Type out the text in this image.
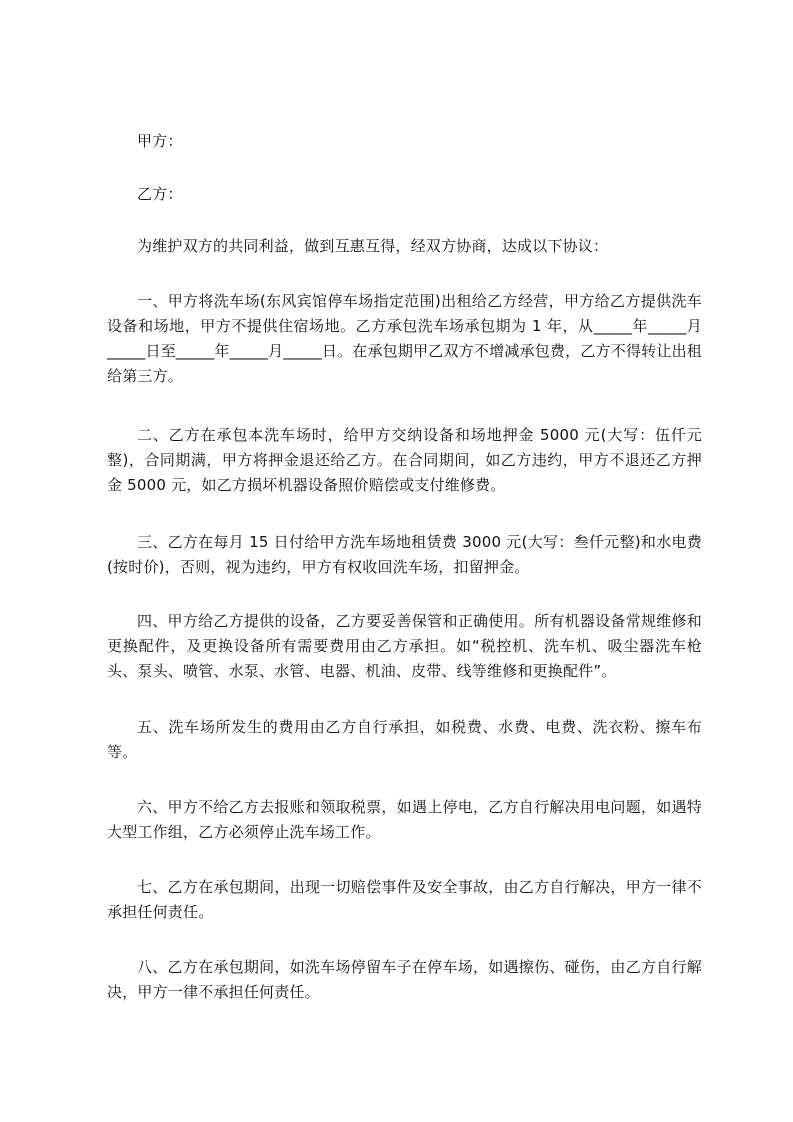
甲方：

乙方：

为维护双方的共同利益，做到互惠互得，经双方协商，达成以下协议：

一、甲方将洗车场(东风宾馆停车场指定范围)出租给乙方经营，甲方给乙方提供洗车设备和场地，甲方不提供住宿场地。乙方承包洗车场承包期为 1 年，从_____年_____月_____日至_____年_____月_____日。在承包期甲乙双方不增减承包费，乙方不得转让出租给第三方。

二、乙方在承包本洗车场时，给甲方交纳设备和场地押金 5000 元(大写：伍仟元整)，合同期满，甲方将押金退还给乙方。在合同期间，如乙方违约，甲方不退还乙方押金 5000 元，如乙方损坏机器设备照价赔偿或支付维修费。

三、乙方在每月 15 日付给甲方洗车场地租赁费 3000 元(大写：叁仟元整)和水电费(按时价)，否则，视为违约，甲方有权收回洗车场，扣留押金。

四、甲方给乙方提供的设备，乙方要妥善保管和正确使用。所有机器设备常规维修和更换配件，及更换设备所有需要费用由乙方承担。如“税控机、洗车机、吸尘器洗车枪头、泵头、喷管、水泵、水管、电器、机油、皮带、线等维修和更换配件”。

五、洗车场所发生的费用由乙方自行承担，如税费、水费、电费、洗衣粉、擦车布等。

六、甲方不给乙方去报账和领取税票，如遇上停电，乙方自行解决用电问题，如遇特大型工作组，乙方必须停止洗车场工作。

七、乙方在承包期间，出现一切赔偿事件及安全事故，由乙方自行解决，甲方一律不承担任何责任。

八、乙方在承包期间，如洗车场停留车子在停车场，如遇擦伤、碰伤，由乙方自行解决，甲方一律不承担任何责任。
